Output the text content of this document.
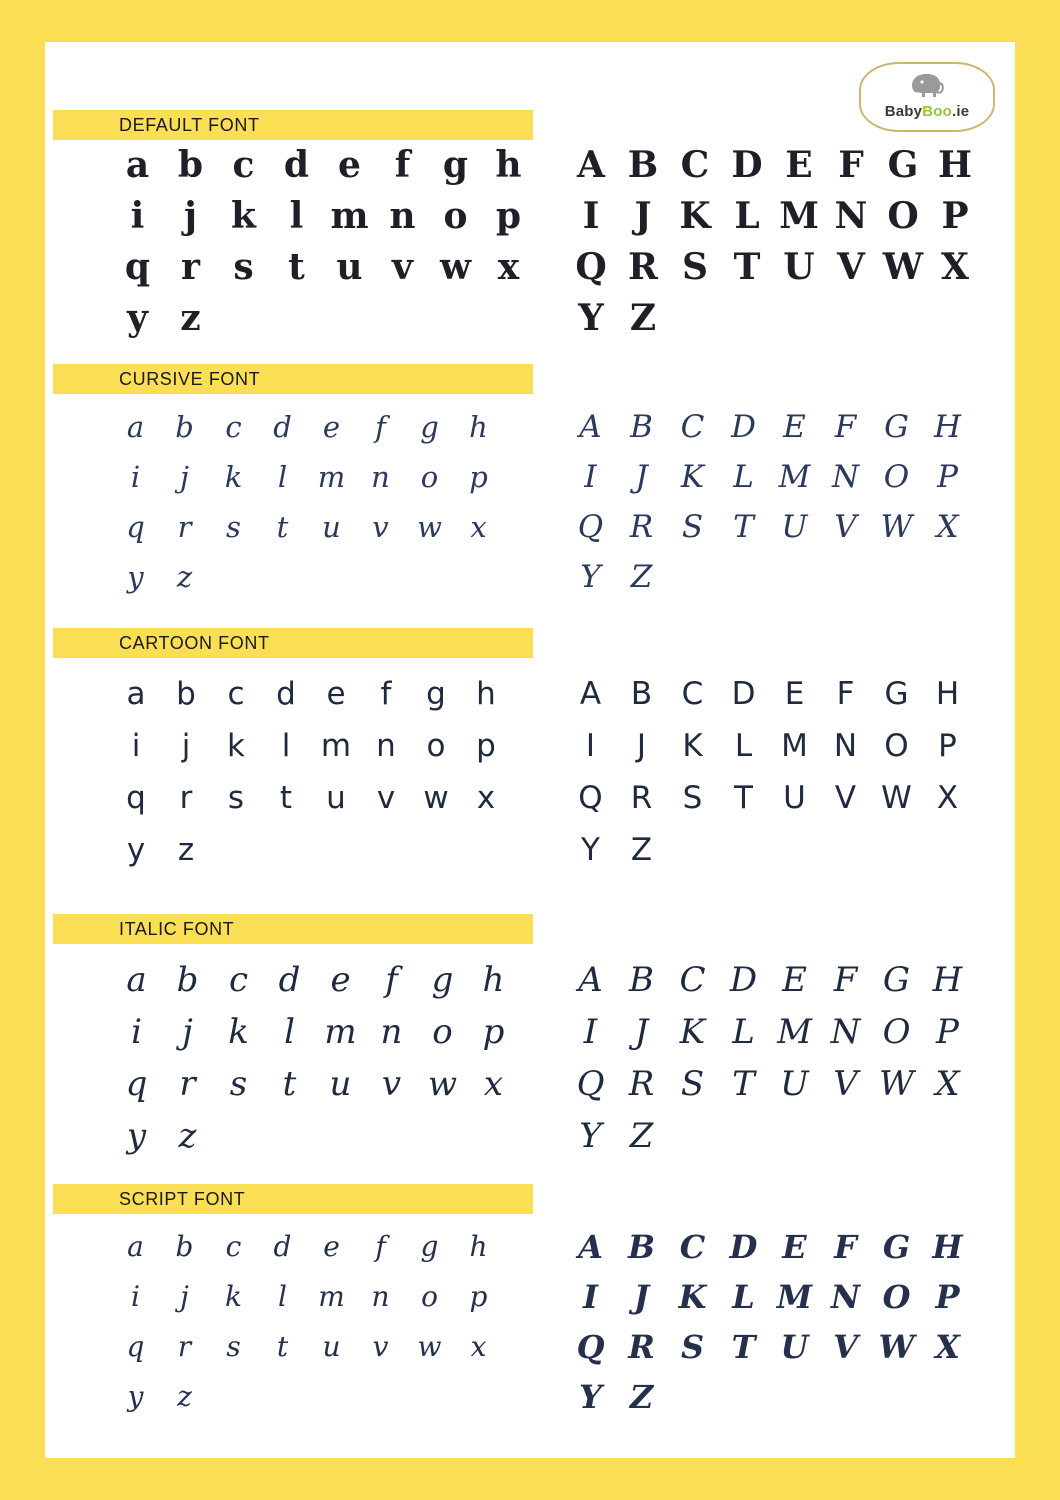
BabyBoo.ie
DEFAULT FONT
a b c d e f g h
i	j k l m n o p
q r s t u v w x
y z
A B C D E F G H
I J K L M N O P
Q R S T U V W X
Y Z
CURSIVE FONT
a	b	c	d	e	f	g	h
i	j	k	l	m n	o	p
q	r	s	t	u	v w x
y	z
A B C D E F G H
I	J	K L M N O P
Q R S T U V W X
Y Z
CARTOON FONT
a b	c	d e	f	g h
i	j	k	l m n o p
q	r	s	t	u v w x
y	z
A B C D E	F G H
I	J	K	L M N O P
Q R S	T U V W X
Y Z
ITALIC FONT
a b c d e	f g h
i	j	k	l m n o p
q r	s	t u v w x
y z
A B C D E F G H
I	J K L M N O P
Q R S T U V W X
Y Z
SCRIPT FONT
a	b	c	d	e	f	g	h
i	j	k	l	m n	o	p
q	r	s	t	u	v	w	x
y	z
A B C D E F G H
I	J K L M N O P
Q R S T U V W X
Y Z
